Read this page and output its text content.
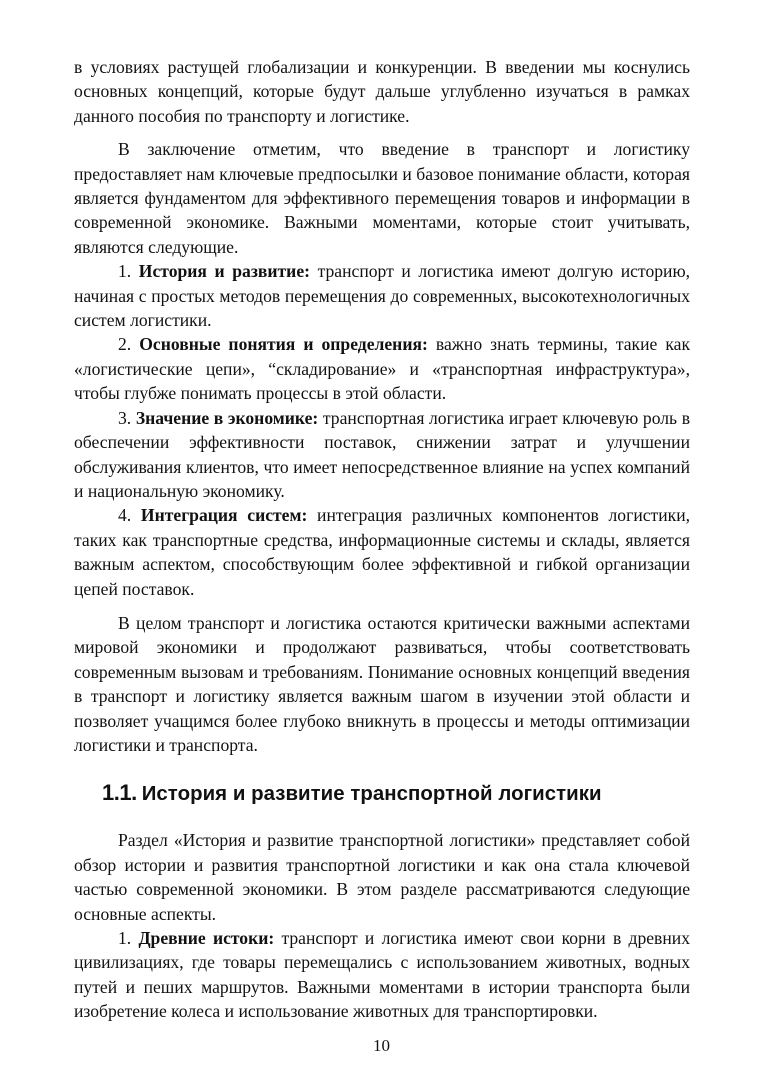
в условиях растущей глобализации и конкуренции. В введении мы коснулись основных концепций, которые будут дальше углубленно изучаться в рамках данного пособия по транспорту и логистике.

В заключение отметим, что введение в транспорт и логистику предоставляет нам ключевые предпосылки и базовое понимание области, которая является фундаментом для эффективного перемещения товаров и информации в современной экономике. Важными моментами, которые стоит учитывать, являются следующие.

1. История и развитие: транспорт и логистика имеют долгую историю, начиная с простых методов перемещения до современных, высокотехнологичных систем логистики.

2. Основные понятия и определения: важно знать термины, такие как «логистические цепи», “складирование» и «транспортная инфраструктура», чтобы глубже понимать процессы в этой области.

3. Значение в экономике: транспортная логистика играет ключевую роль в обеспечении эффективности поставок, снижении затрат и улучшении обслуживания клиентов, что имеет непосредственное влияние на успех компаний и национальную экономику.

4. Интеграция систем: интеграция различных компонентов логистики, таких как транспортные средства, информационные системы и склады, является важным аспектом, способствующим более эффективной и гибкой организации цепей поставок.

В целом транспорт и логистика остаются критически важными аспектами мировой экономики и продолжают развиваться, чтобы соответствовать современным вызовам и требованиям. Понимание основных концепций введения в транспорт и логистику является важным шагом в изучении этой области и позволяет учащимся более глубоко вникнуть в процессы и методы оптимизации логистики и транспорта.

1.1. История и развитие транспортной логистики

Раздел «История и развитие транспортной логистики» представляет собой обзор истории и развития транспортной логистики и как она стала ключевой частью современной экономики. В этом разделе рассматриваются следующие основные аспекты.

1. Древние истоки: транспорт и логистика имеют свои корни в древних цивилизациях, где товары перемещались с использованием животных, водных путей и пеших маршрутов. Важными моментами в истории транспорта были изобретение колеса и использование животных для транспортировки.

10
